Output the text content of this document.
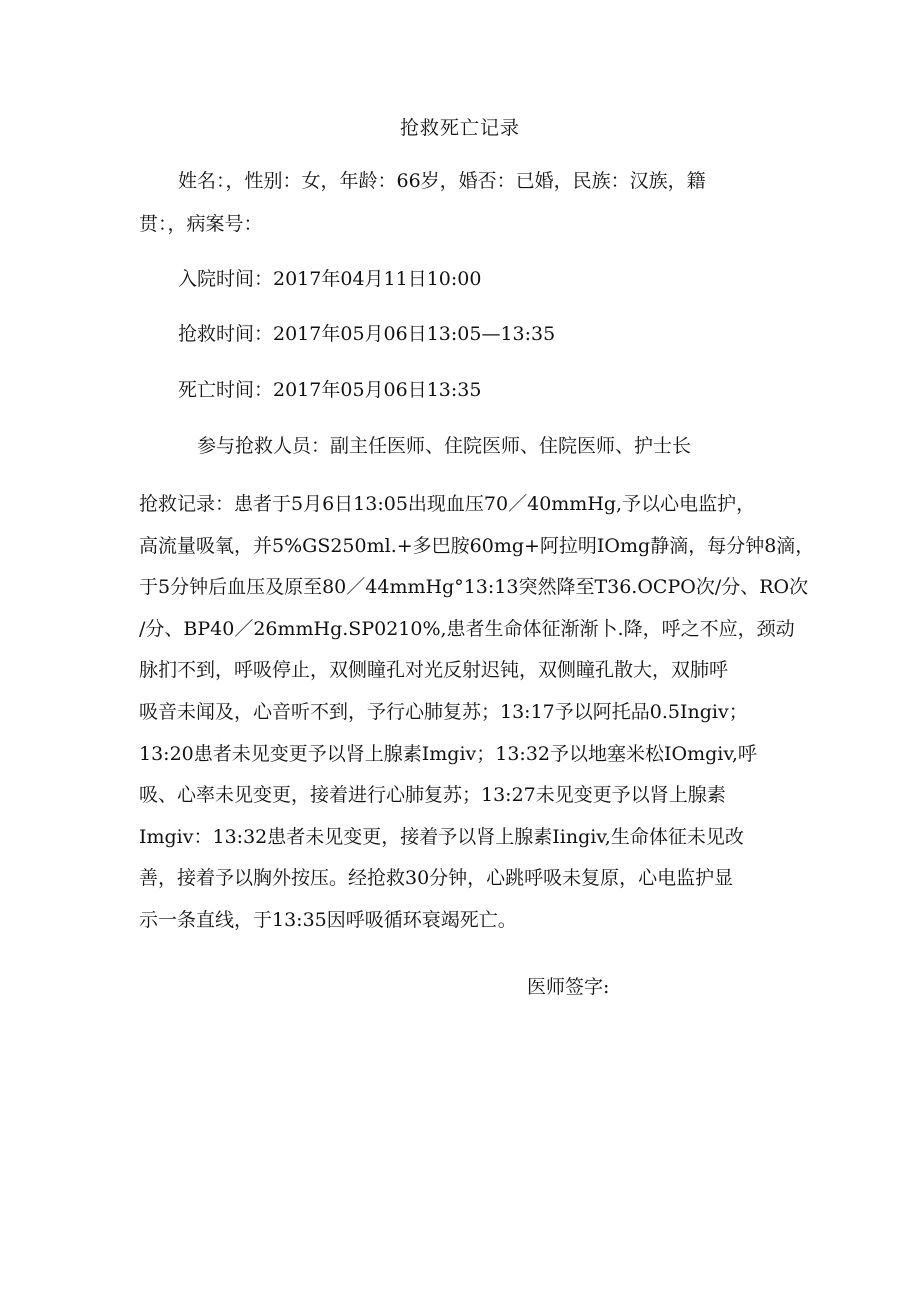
抢救死亡记录
姓名：，性别：女，年龄：66岁，婚否：已婚，民族：汉族，籍
贯：，病案号：
入院时间：2017年04月11日10:00
抢救时间：2017年05月06日13:05—13:35
死亡时间：2017年05月06日13:35
参与抢救人员：副主任医师、住院医师、住院医师、护士长
抢救记录：患者于5月6日13:05出现血压70／40mmHg,予以心电监护，
高流量吸氧，并5%GS250ml.+多巴胺60mg+阿拉明IOmg静滴，每分钟8滴，
于5分钟后血压及原至80／44mmHg°13:13突然降至T36.OCPO次/分、RO次
/分、BP40／26mmHg.SP0210%,患者生命体征渐渐卜.降，呼之不应，颈动
脉扪不到，呼吸停止，双侧瞳孔对光反射迟钝，双侧瞳孔散大，双肺呼
吸音未闻及，心音听不到，予行心肺复苏；13:17予以阿托品0.5Ingiv；
13:20患者未见变更予以肾上腺素Imgiv；13:32予以地塞米松IOmgiv,呼
吸、心率未见变更，接着进行心肺复苏；13:27未见变更予以肾上腺素
Imgiv：13:32患者未见变更，接着予以肾上腺素Iingiv,生命体征未见改
善，接着予以胸外按压。经抢救30分钟，心跳呼吸未复原，心电监护显
示一条直线，于13:35因呼吸循环衰竭死亡。
医师签字:
